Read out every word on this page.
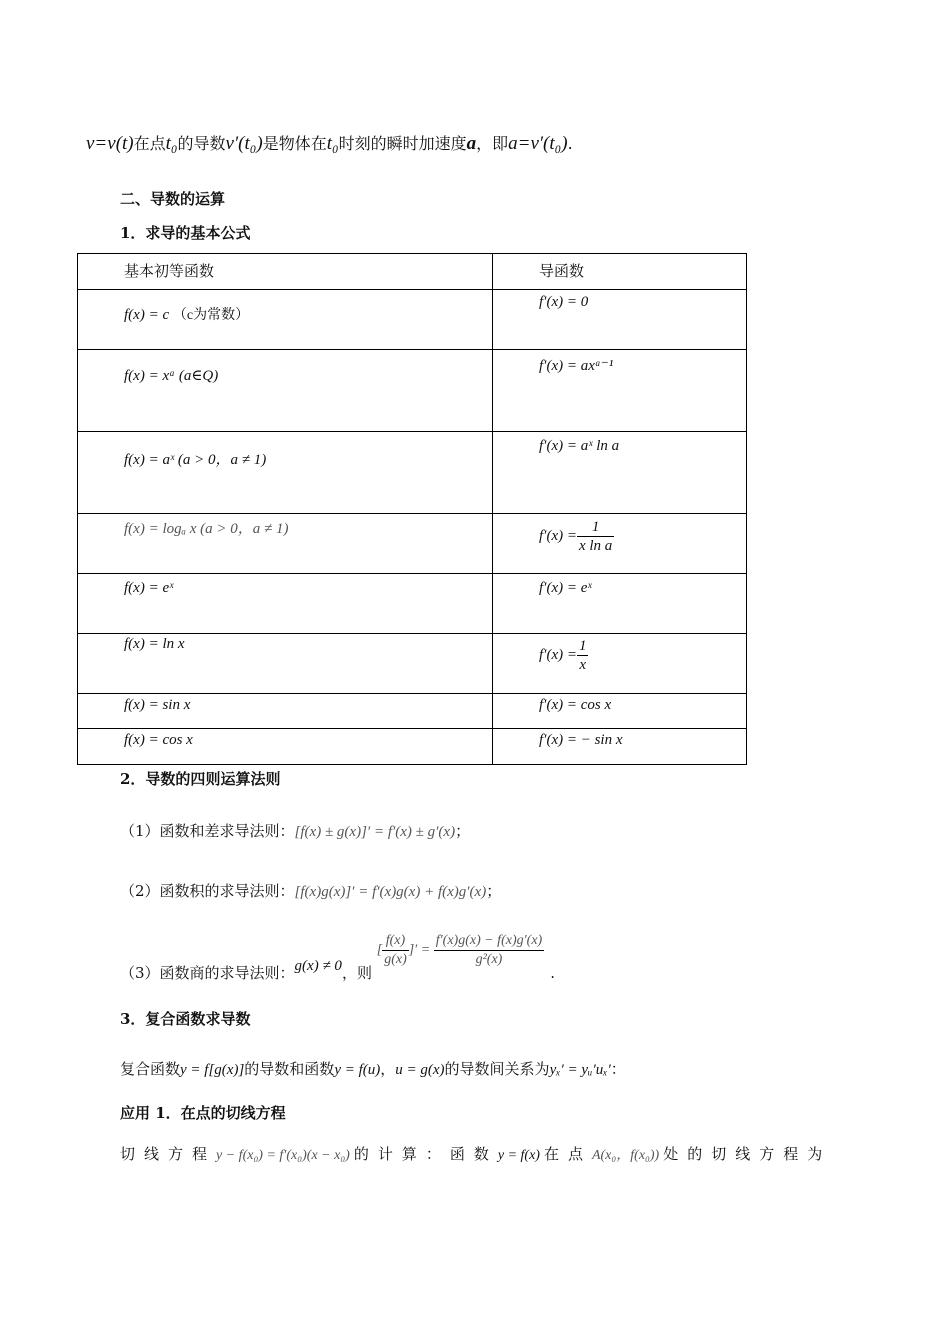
v=v(t)在点t₀的导数v′(t₀)是物体在t₀时刻的瞬时加速度a，即a=v′(t₀).
二、导数的运算
1．求导的基本公式
基本初等函数	导函数

f(x) = c （c为常数）	f′(x) = 0

f(x) = xᵃ (a∈Q)	f′(x) = axᵃ⁻¹

f(x) = aˣ (a > 0，a ≠ 1)	f′(x) = aˣ ln a

f(x) = logₐ x (a > 0，a ≠ 1)	$f'(x) = \frac{1}{\text{x ln a}}$

f(x) = eˣ	f′(x) = eˣ

f(x) = ln x	$f'(x) = \frac{1}{x}$

f(x) = sin x	f′(x) = cos x

f(x) = cos x	f′(x) = − sin x
2．导数的四则运算法则
（1）函数和差求导法则：[f(x) ± g(x)]′ = f′(x) ± g′(x)；
（2）函数积的求导法则：[f(x)g(x)]′ = f′(x)g(x) + f(x)g′(x)；
（3）函数商的求导法则：g(x) ≠ 0，则 [ $\frac{f(x)}{g(x)}$ ]′ = $\frac{f'(x)g(x) - f(x)g'(x)}{\text{g²(x)}}$
.
3．复合函数求导数
复合函数y = f[g(x)]的导数和函数y = f(u)，u = g(x)的导数间关系为yₓ′ = yᵤ′uₓ′：
应用 1．在点的切线方程
切线方程y − f(x₀) = f′(x₀)(x − x₀) 的计算：函数y = f(x) 在点A(x₀，f(x₀)) 处的切线方程为
